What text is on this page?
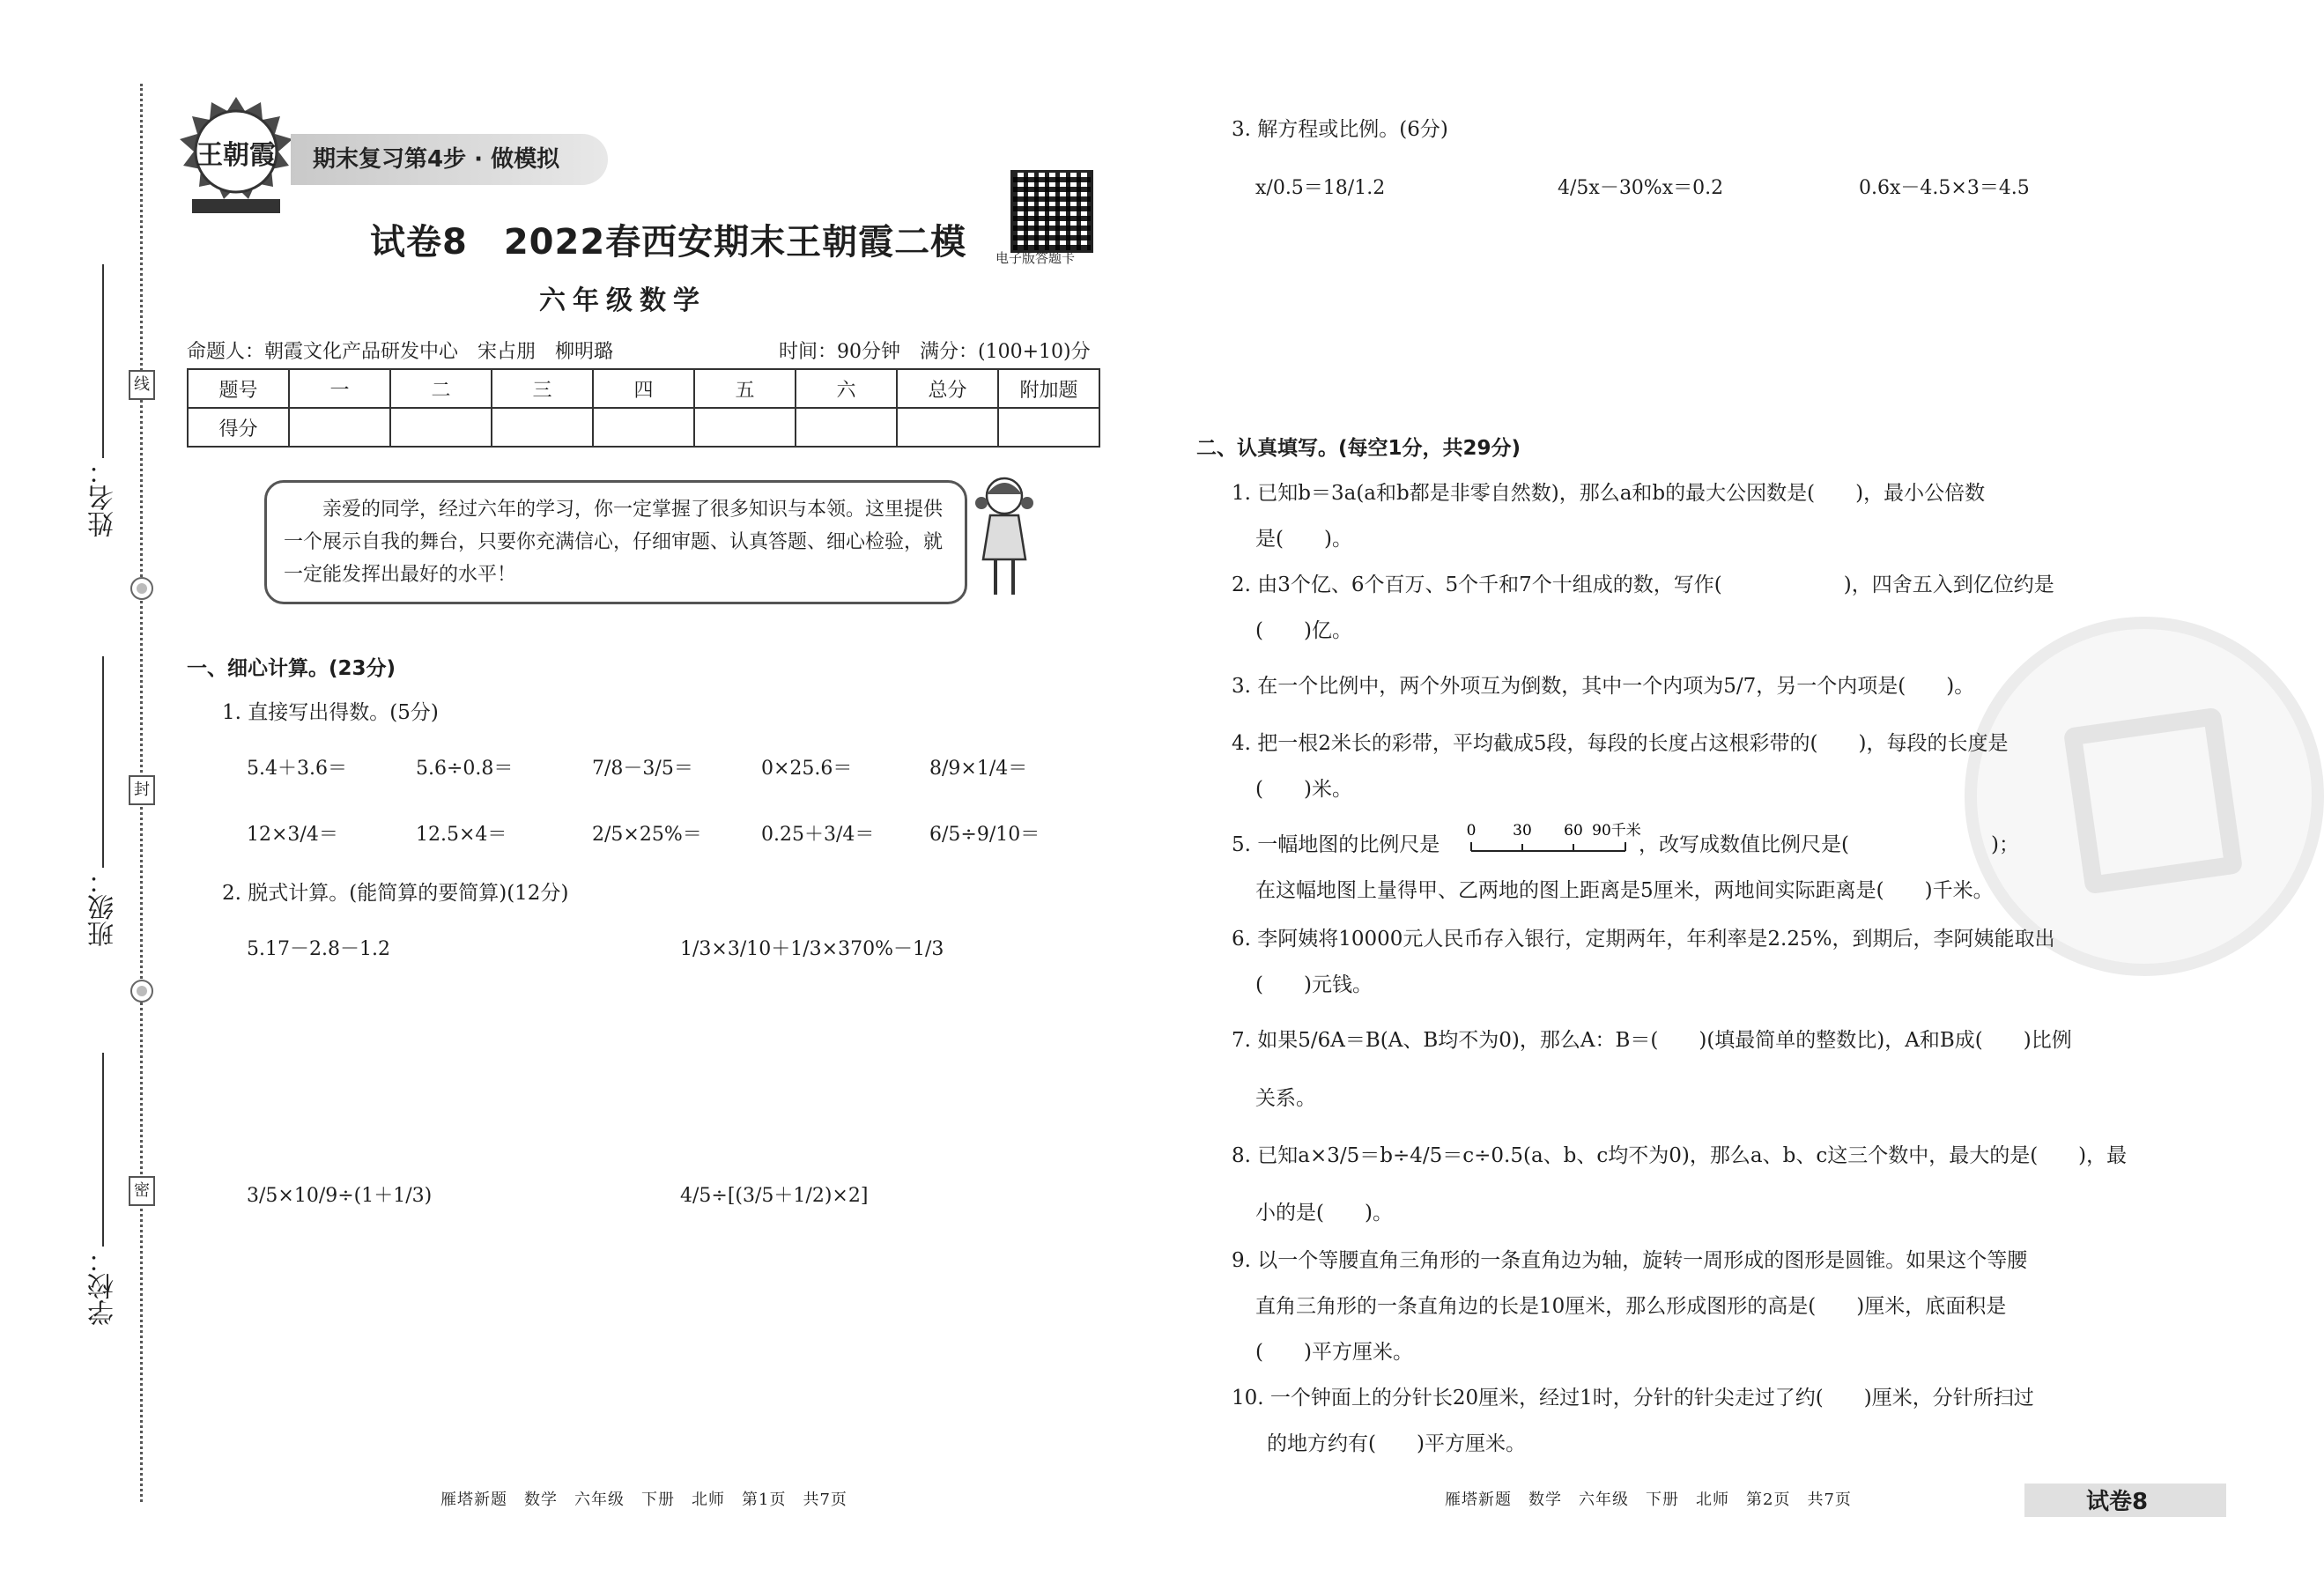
姓名：
班级：
学校：
线
封
密
王朝霞 期末复习第4步 · 做模拟
电子版答题卡
试卷8　2022春西安期末王朝霞二模
六年级数学
命题人：朝霞文化产品研发中心　宋占朋　柳明璐	时间：90分钟　满分：(100+10)分
题号	一	二	三	四	五	六	总分	附加题
得分								
亲爱的同学，经过六年的学习，你一定掌握了很多知识与本领。这里提供一个展示自我的舞台，只要你充满信心，仔细审题、认真答题、细心检验，就一定能发挥出最好的水平！
一、细心计算。(23分)
1. 直接写出得数。(5分)
5.4＋3.6＝	5.6÷0.8＝	7/8－3/5＝	0×25.6＝	8/9×1/4＝
12×3/4＝	12.5×4＝	2/5×25%＝	0.25＋3/4＝	6/5÷9/10＝
2. 脱式计算。(能简算的要简算)(12分)
5.17－2.8－1.2	1/3×3/10＋1/3×370%－1/3
3/5×10/9÷(1＋1/3)	4/5÷[(3/5＋1/2)×2]
雁塔新题　数学　六年级　下册　北师　第1页　共7页
3. 解方程或比例。(6分)
x/0.5＝18/1.2	4/5x－30%x＝0.2	0.6x－4.5×3＝4.5
二、认真填写。(每空1分，共29分)
1. 已知b＝3a(a和b都是非零自然数)，那么a和b的最大公因数是(　　)，最小公倍数
是(　　)。
2. 由3个亿、6个百万、5个千和7个十组成的数，写作(　　　　　　)，四舍五入到亿位约是
(　　)亿。
3. 在一个比例中，两个外项互为倒数，其中一个内项为5/7，另一个内项是(　　)。
4. 把一根2米长的彩带，平均截成5段，每段的长度占这根彩带的(　　)，每段的长度是
(　　)米。
5. 一幅地图的比例尺是
0 30 60 90千米
，改写成数值比例尺是(　　　　　　　)；
在这幅地图上量得甲、乙两地的图上距离是5厘米，两地间实际距离是(　　)千米。
6. 李阿姨将10000元人民币存入银行，定期两年，年利率是2.25%，到期后，李阿姨能取出
(　　)元钱。
7. 如果5/6A＝B(A、B均不为0)，那么A：B＝(　　)(填最简单的整数比)，A和B成(　　)比例
关系。
8. 已知a×3/5＝b÷4/5＝c÷0.5(a、b、c均不为0)，那么a、b、c这三个数中，最大的是(　　)，最
小的是(　　)。
9. 以一个等腰直角三角形的一条直角边为轴，旋转一周形成的图形是圆锥。如果这个等腰
直角三角形的一条直角边的长是10厘米，那么形成图形的高是(　　)厘米，底面积是
(　　)平方厘米。
10. 一个钟面上的分针长20厘米，经过1时，分针的针尖走过了约(　　)厘米，分针所扫过
的地方约有(　　)平方厘米。
雁塔新题　数学　六年级　下册　北师　第2页　共7页	试卷8
